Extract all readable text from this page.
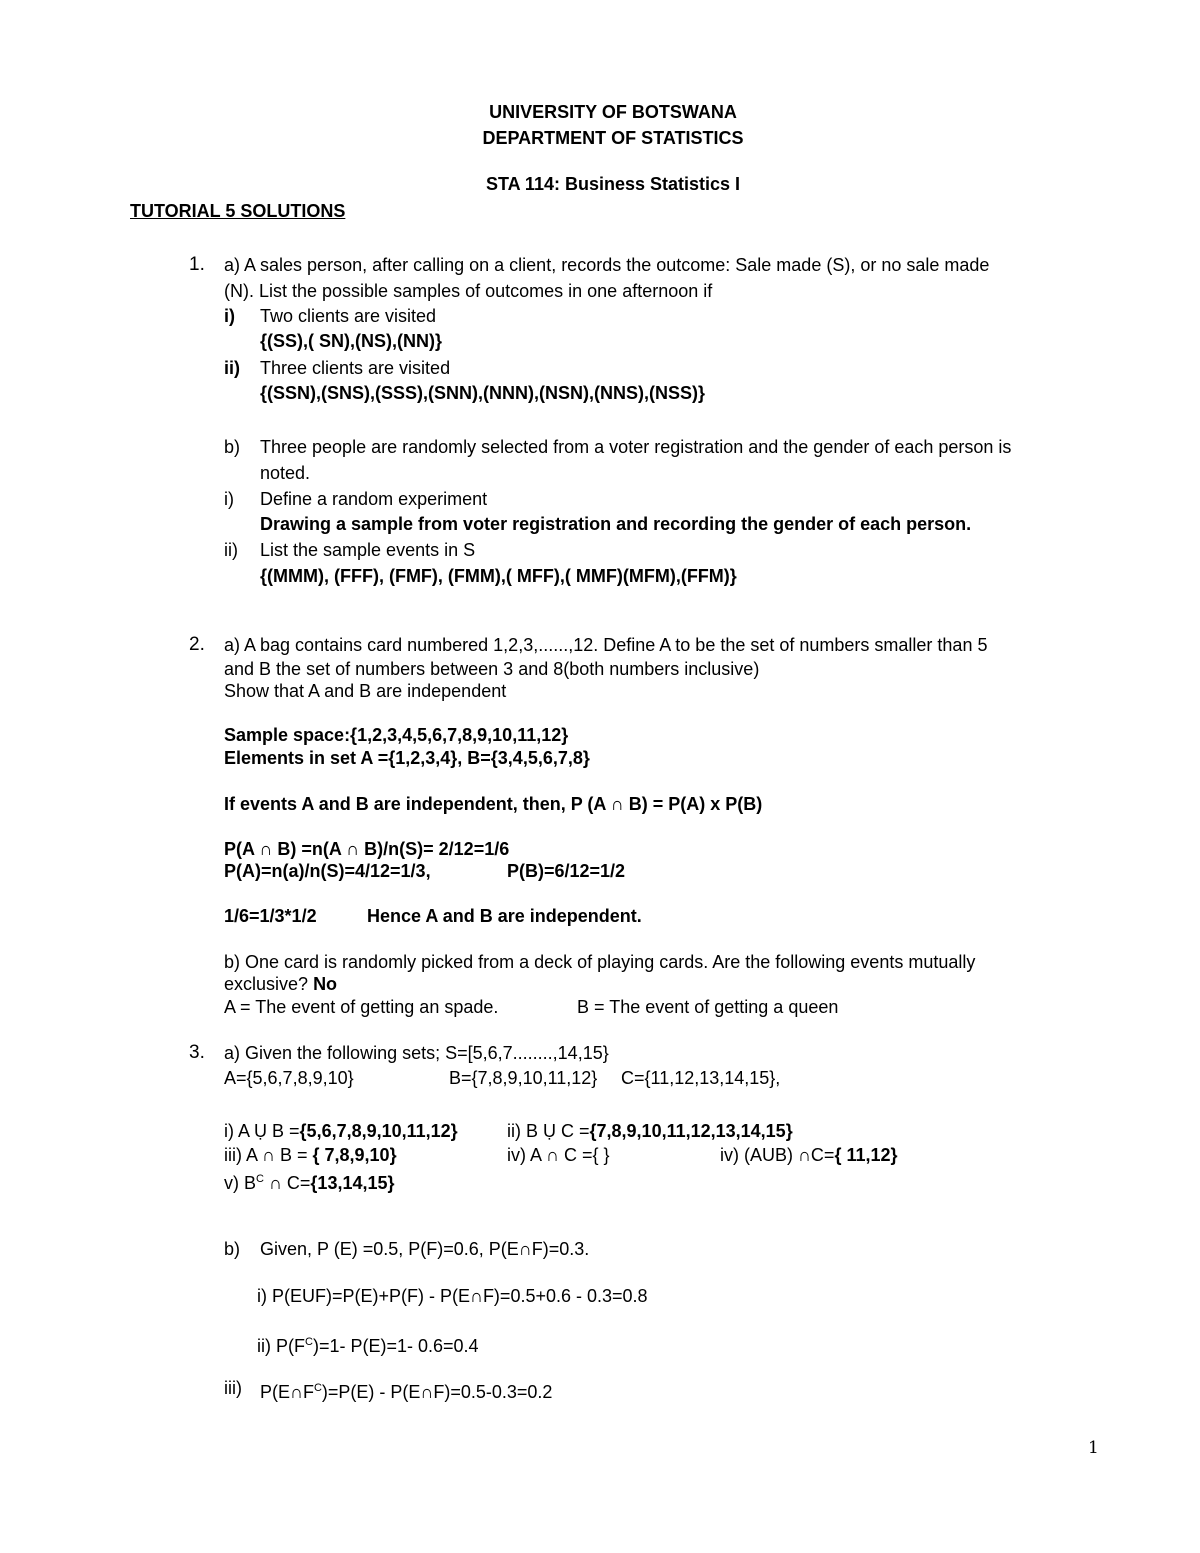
UNIVERSITY OF BOTSWANA
DEPARTMENT OF STATISTICS
STA 114: Business Statistics I
TUTORIAL 5 SOLUTIONS
1. a) A sales person, after calling on a client, records the outcome: Sale made (S), or no sale made
(N). List the possible samples of outcomes in one afternoon if
i) Two clients are visited
{(SS),( SN),(NS),(NN)}
ii) Three clients are visited
{(SSN),(SNS),(SSS),(SNN),(NNN),(NSN),(NNS),(NSS)}
b) Three people are randomly selected from a voter registration and the gender of each person is
noted.
i) Define a random experiment
Drawing a sample from voter registration and recording the gender of each person.
ii) List the sample events in S
{(MMM), (FFF), (FMF), (FMM),( MFF),( MMF)(MFM),(FFM)}
2. a) A bag contains card numbered 1,2,3,......,12. Define A to be the set of numbers smaller than 5
and B the set of numbers between 3 and 8(both numbers inclusive)
Show that A and B are independent
Sample space:{1,2,3,4,5,6,7,8,9,10,11,12}
Elements in set A ={1,2,3,4}, B={3,4,5,6,7,8}
If events A and B are independent, then, P (A ∩ B) = P(A) x P(B)
P(A ∩ B) =n(A ∩ B)/n(S)= 2/12=1/6
P(A)=n(a)/n(S)=4/12=1/3,	P(B)=6/12=1/2
1/6=1/3*1/2	Hence A and B are independent.
b) One card is randomly picked from a deck of playing cards. Are the following events mutually
exclusive? No
A = The event of getting an spade.	B = The event of getting a queen
3. a) Given the following sets; S=[5,6,7........,14,15}
A={5,6,7,8,9,10}	B={7,8,9,10,11,12} C={11,12,13,14,15},
i) A Ụ B ={5,6,7,8,9,10,11,12}	ii) B Ụ C ={7,8,9,10,11,12,13,14,15}
iii) A ∩ B = { 7,8,9,10}	iv) A ∩ C ={ }	iv) (AUB) ∩C={ 11,12}
v) $B^C$ ∩ C={13,14,15}
b) Given, P (E) =0.5, P(F)=0.6, P(E∩F)=0.3.
i) P(EUF)=P(E)+P(F) - P(E∩F)=0.5+0.6 - 0.3=0.8
ii) $P(F^C)=1-$ P(E)=1- 0.6=0.4
iii) $P(E\cap F^C)=P(E)$ - P(E∩F)=0.5-0.3=0.2
1
